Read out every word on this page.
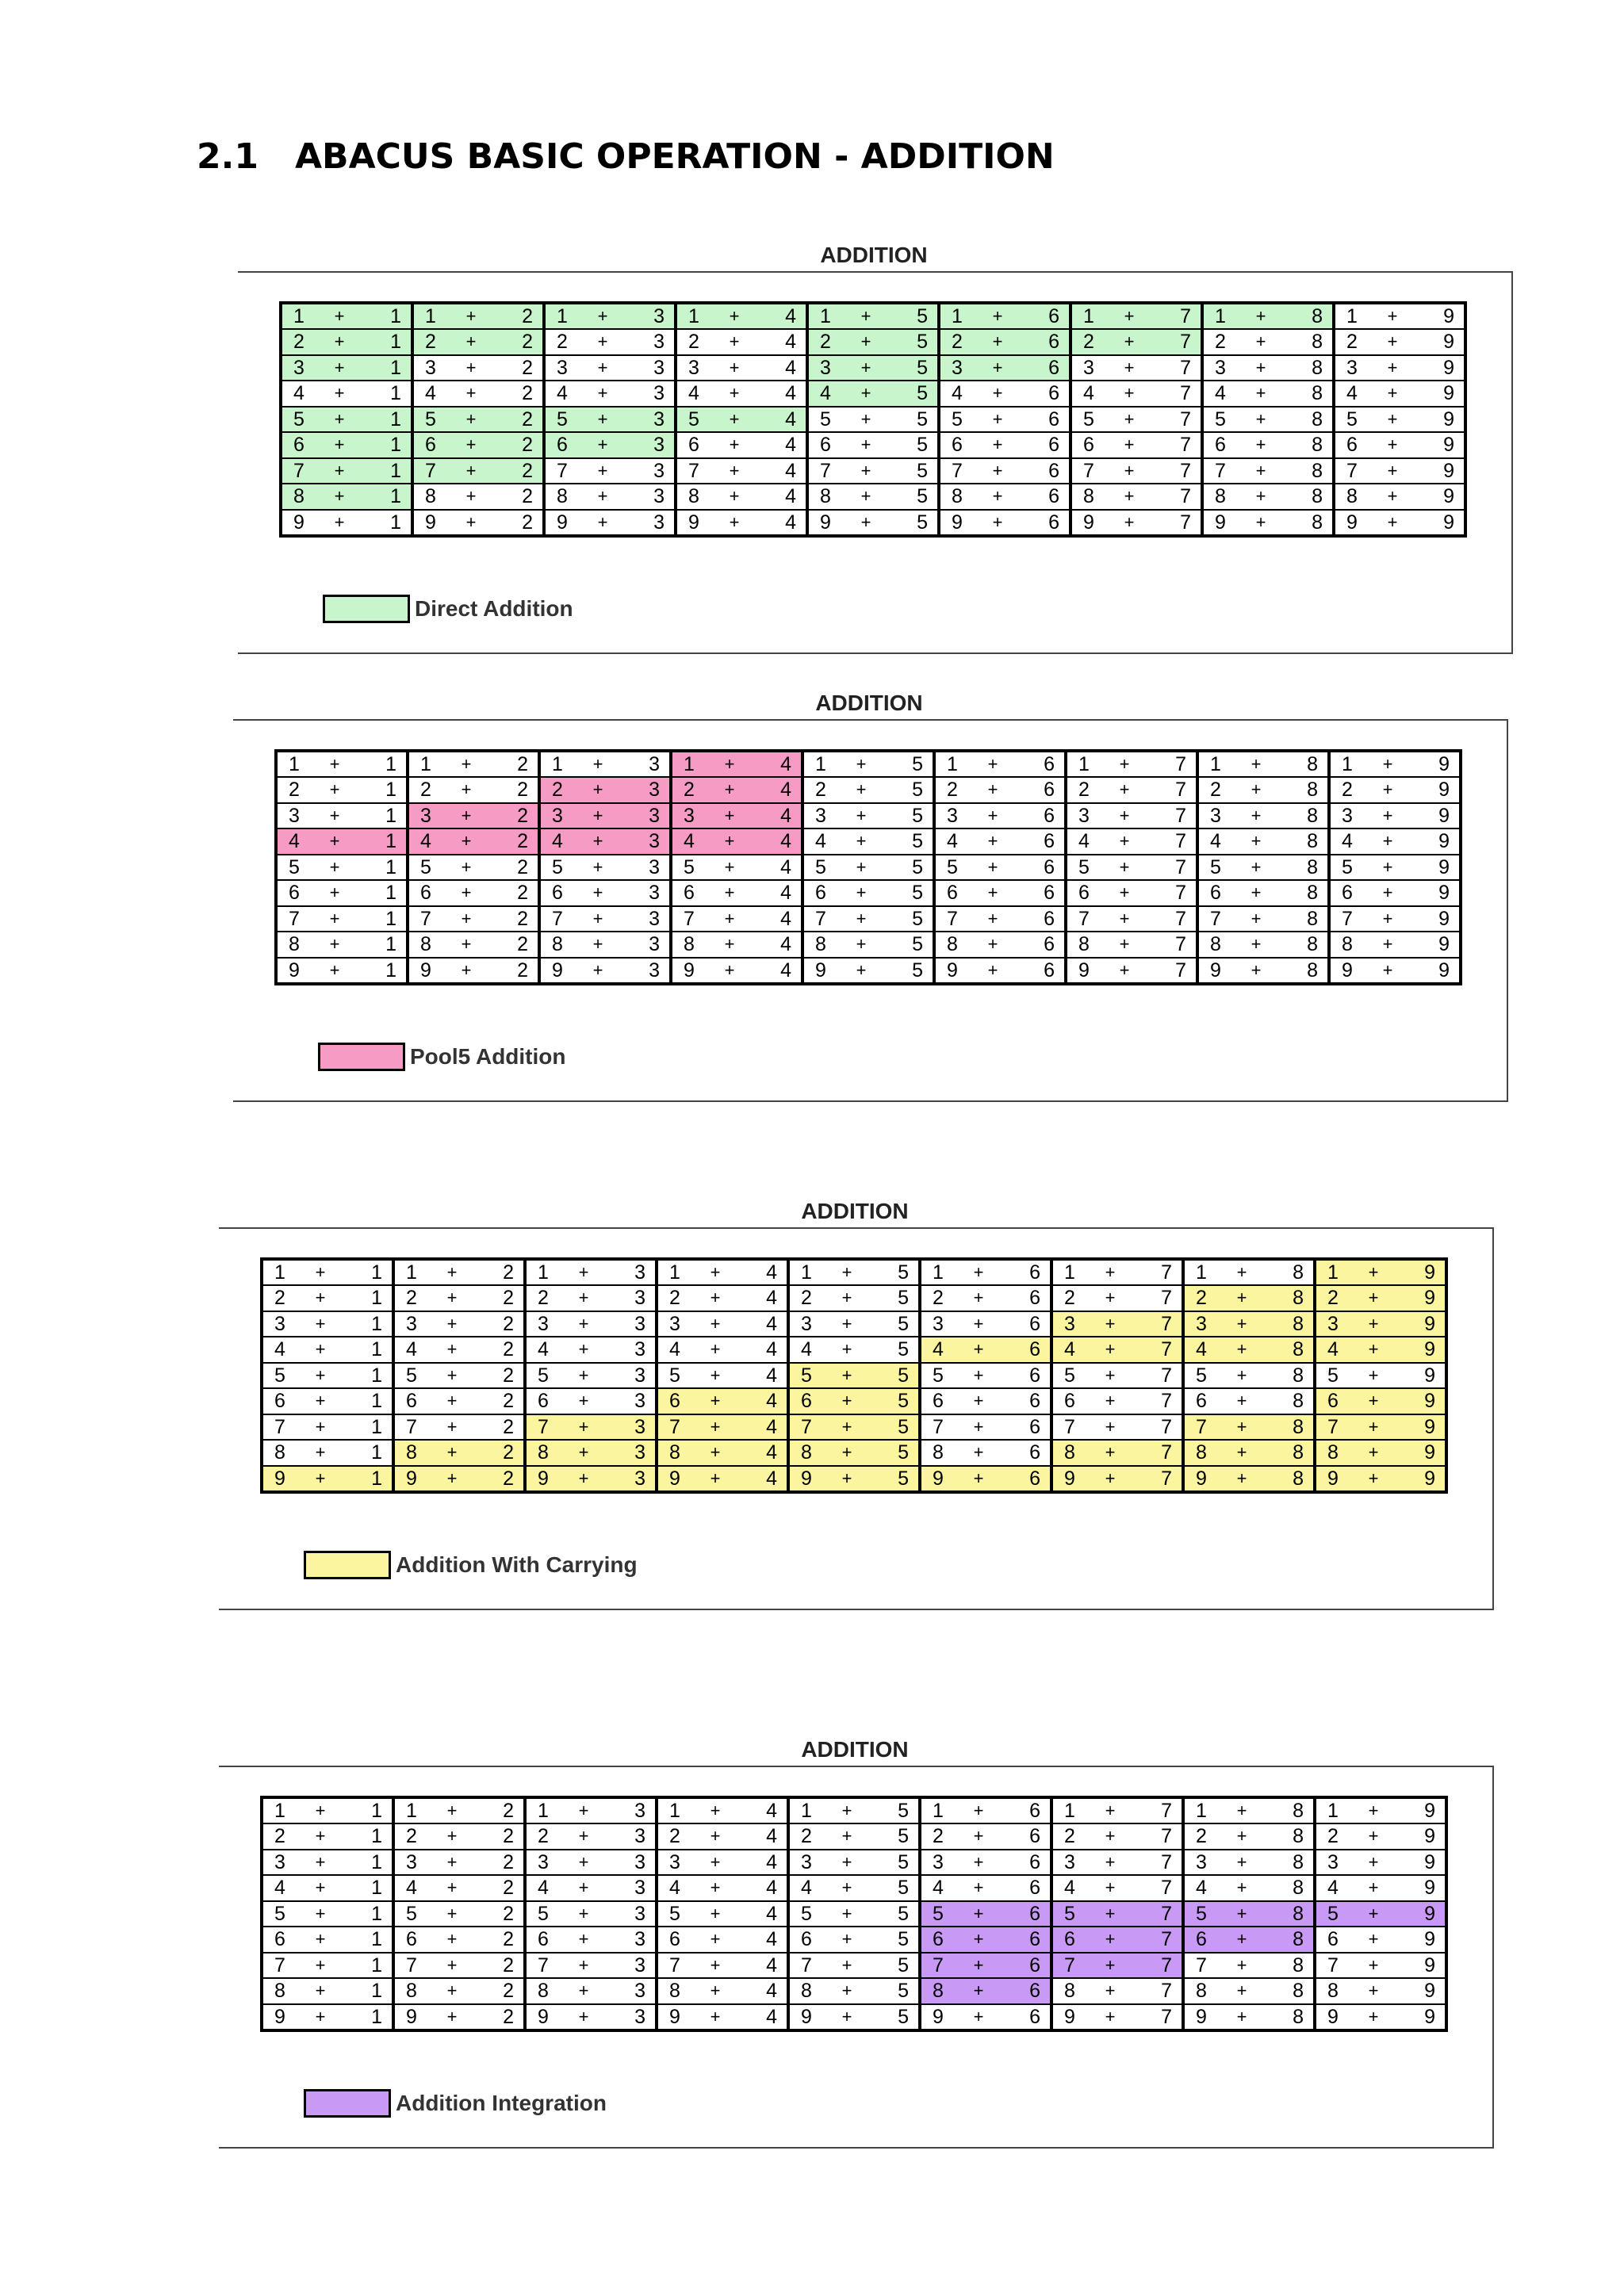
2.1 ABACUS BASIC OPERATION - ADDITION
ADDITION
1	+	1	1	+	2	1	+	3	1	+	4	1	+	5	1	+	6	1	+	7	1	+	8	1	+	9
2	+	1	2	+	2	2	+	3	2	+	4	2	+	5	2	+	6	2	+	7	2	+	8	2	+	9
3	+	1	3	+	2	3	+	3	3	+	4	3	+	5	3	+	6	3	+	7	3	+	8	3	+	9
4	+	1	4	+	2	4	+	3	4	+	4	4	+	5	4	+	6	4	+	7	4	+	8	4	+	9
5	+	1	5	+	2	5	+	3	5	+	4	5	+	5	5	+	6	5	+	7	5	+	8	5	+	9
6	+	1	6	+	2	6	+	3	6	+	4	6	+	5	6	+	6	6	+	7	6	+	8	6	+	9
7	+	1	7	+	2	7	+	3	7	+	4	7	+	5	7	+	6	7	+	7	7	+	8	7	+	9
8	+	1	8	+	2	8	+	3	8	+	4	8	+	5	8	+	6	8	+	7	8	+	8	8	+	9
9	+	1	9	+	2	9	+	3	9	+	4	9	+	5	9	+	6	9	+	7	9	+	8	9	+	9
Direct Addition
ADDITION
1	+	1	1	+	2	1	+	3	1	+	4	1	+	5	1	+	6	1	+	7	1	+	8	1	+	9
2	+	1	2	+	2	2	+	3	2	+	4	2	+	5	2	+	6	2	+	7	2	+	8	2	+	9
3	+	1	3	+	2	3	+	3	3	+	4	3	+	5	3	+	6	3	+	7	3	+	8	3	+	9
4	+	1	4	+	2	4	+	3	4	+	4	4	+	5	4	+	6	4	+	7	4	+	8	4	+	9
5	+	1	5	+	2	5	+	3	5	+	4	5	+	5	5	+	6	5	+	7	5	+	8	5	+	9
6	+	1	6	+	2	6	+	3	6	+	4	6	+	5	6	+	6	6	+	7	6	+	8	6	+	9
7	+	1	7	+	2	7	+	3	7	+	4	7	+	5	7	+	6	7	+	7	7	+	8	7	+	9
8	+	1	8	+	2	8	+	3	8	+	4	8	+	5	8	+	6	8	+	7	8	+	8	8	+	9
9	+	1	9	+	2	9	+	3	9	+	4	9	+	5	9	+	6	9	+	7	9	+	8	9	+	9
Pool5 Addition
ADDITION
1	+	1	1	+	2	1	+	3	1	+	4	1	+	5	1	+	6	1	+	7	1	+	8	1	+	9
2	+	1	2	+	2	2	+	3	2	+	4	2	+	5	2	+	6	2	+	7	2	+	8	2	+	9
3	+	1	3	+	2	3	+	3	3	+	4	3	+	5	3	+	6	3	+	7	3	+	8	3	+	9
4	+	1	4	+	2	4	+	3	4	+	4	4	+	5	4	+	6	4	+	7	4	+	8	4	+	9
5	+	1	5	+	2	5	+	3	5	+	4	5	+	5	5	+	6	5	+	7	5	+	8	5	+	9
6	+	1	6	+	2	6	+	3	6	+	4	6	+	5	6	+	6	6	+	7	6	+	8	6	+	9
7	+	1	7	+	2	7	+	3	7	+	4	7	+	5	7	+	6	7	+	7	7	+	8	7	+	9
8	+	1	8	+	2	8	+	3	8	+	4	8	+	5	8	+	6	8	+	7	8	+	8	8	+	9
9	+	1	9	+	2	9	+	3	9	+	4	9	+	5	9	+	6	9	+	7	9	+	8	9	+	9
Addition With Carrying
ADDITION
1	+	1	1	+	2	1	+	3	1	+	4	1	+	5	1	+	6	1	+	7	1	+	8	1	+	9
2	+	1	2	+	2	2	+	3	2	+	4	2	+	5	2	+	6	2	+	7	2	+	8	2	+	9
3	+	1	3	+	2	3	+	3	3	+	4	3	+	5	3	+	6	3	+	7	3	+	8	3	+	9
4	+	1	4	+	2	4	+	3	4	+	4	4	+	5	4	+	6	4	+	7	4	+	8	4	+	9
5	+	1	5	+	2	5	+	3	5	+	4	5	+	5	5	+	6	5	+	7	5	+	8	5	+	9
6	+	1	6	+	2	6	+	3	6	+	4	6	+	5	6	+	6	6	+	7	6	+	8	6	+	9
7	+	1	7	+	2	7	+	3	7	+	4	7	+	5	7	+	6	7	+	7	7	+	8	7	+	9
8	+	1	8	+	2	8	+	3	8	+	4	8	+	5	8	+	6	8	+	7	8	+	8	8	+	9
9	+	1	9	+	2	9	+	3	9	+	4	9	+	5	9	+	6	9	+	7	9	+	8	9	+	9
Addition Integration
